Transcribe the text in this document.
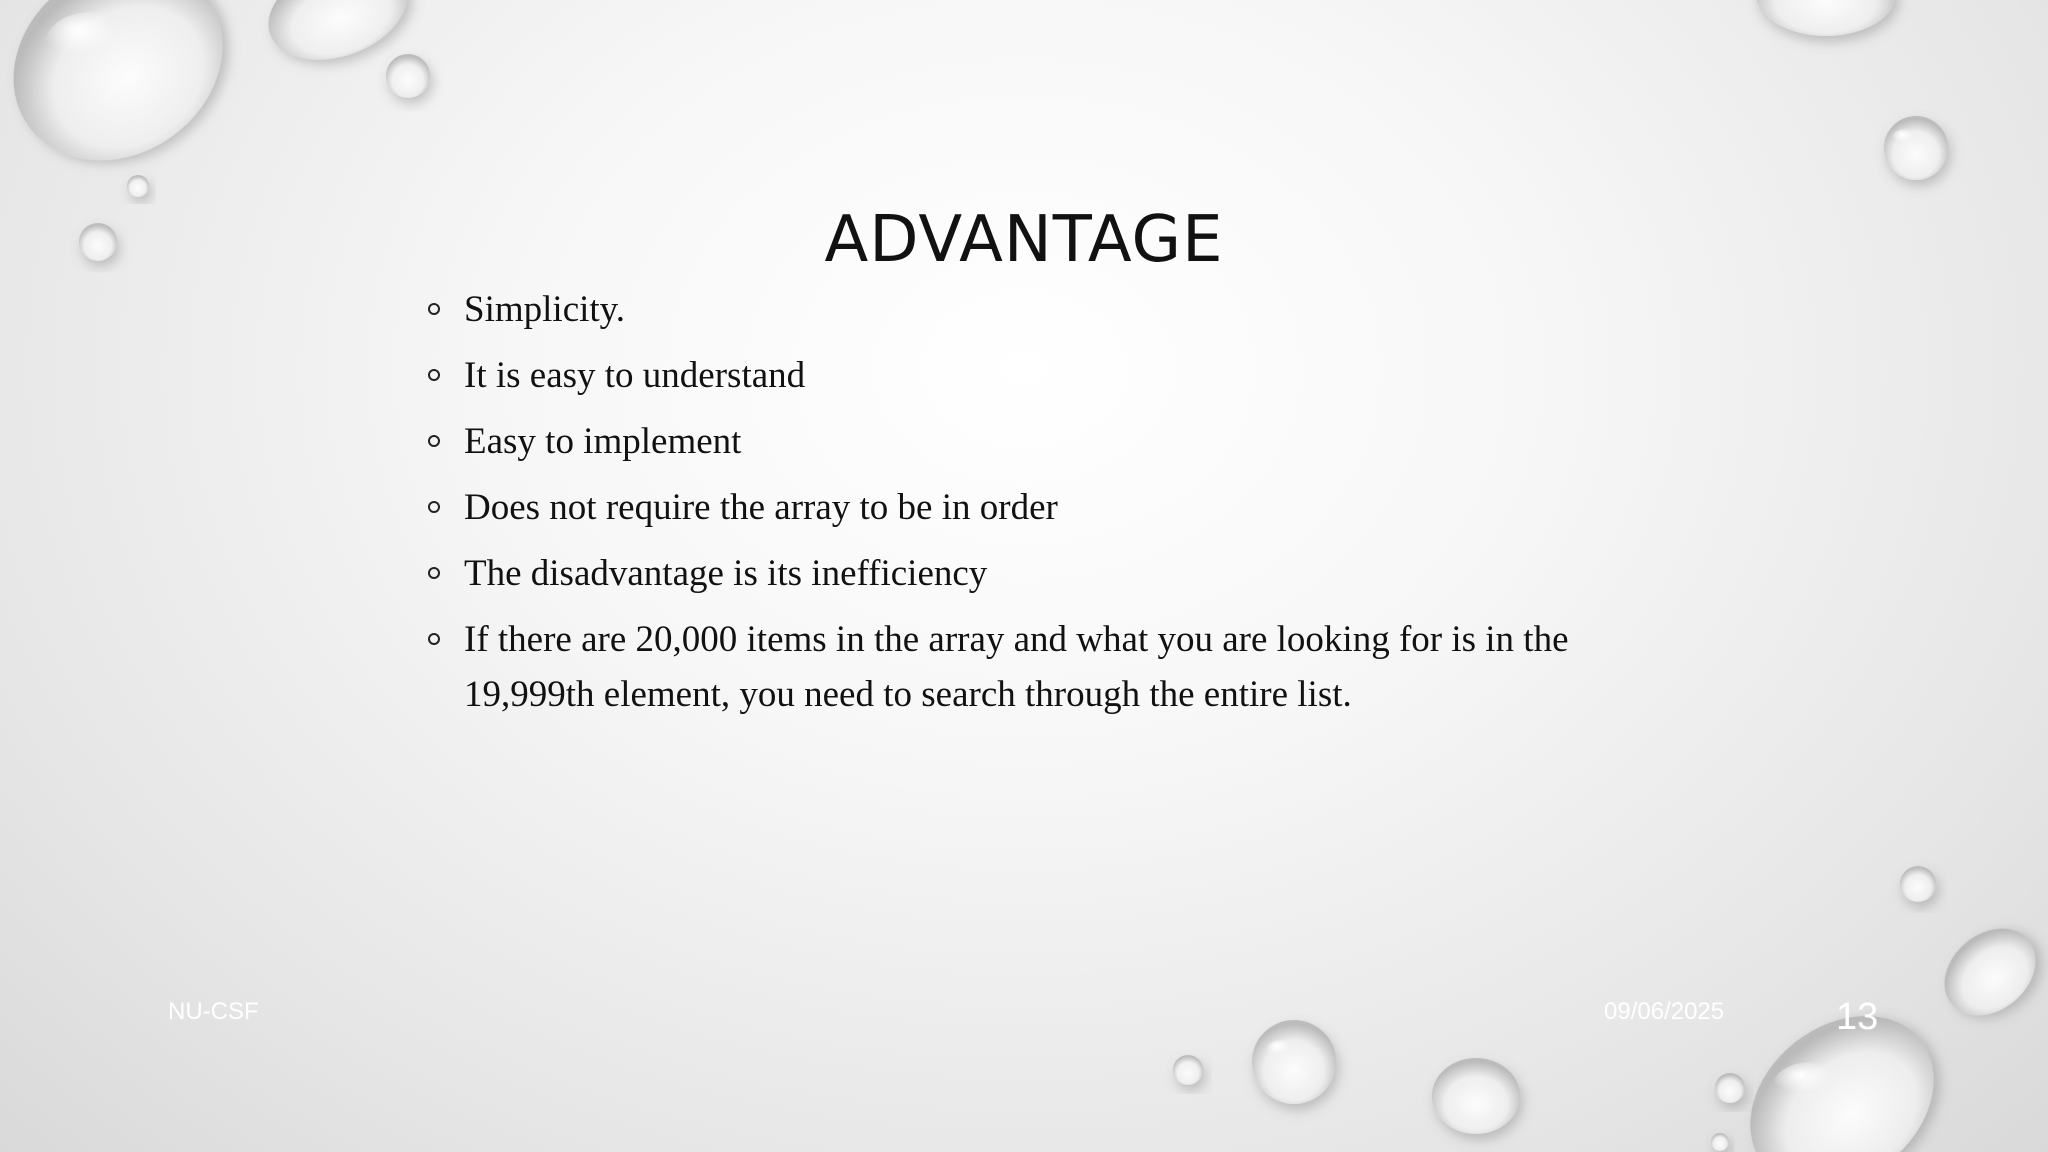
ADVANTAGE
Simplicity.
It is easy to understand
Easy to implement
Does not require the array to be in order
The disadvantage is its inefficiency
If there are 20,000 items in the array and what you are looking for is in the 19,999th element, you need to search through the entire list.
NU-CSF	09/06/2025	13
